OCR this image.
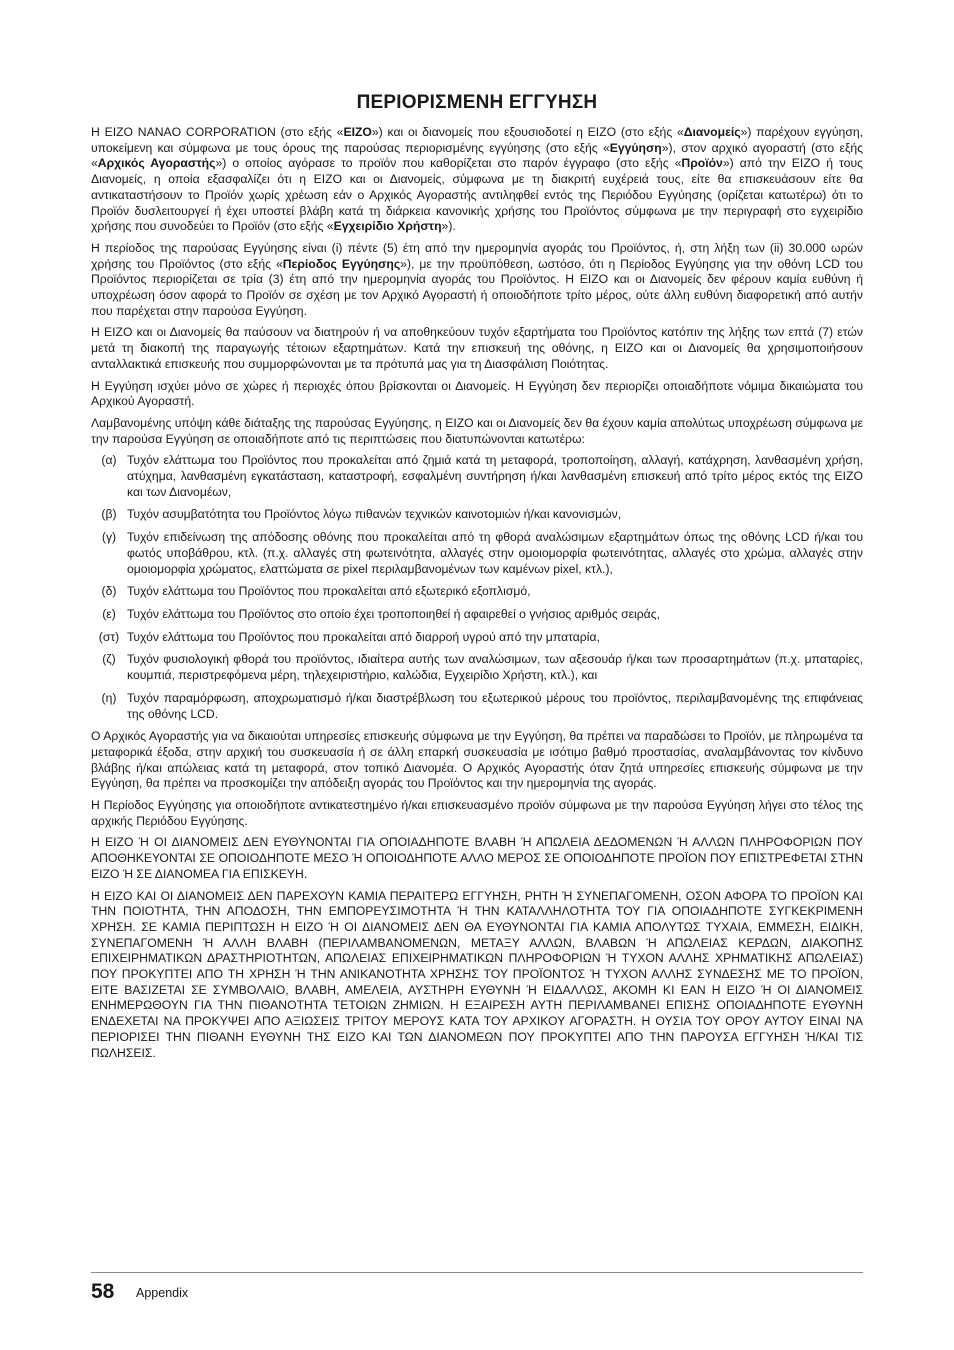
ΠΕΡΙΟΡΙΣΜΕΝΗ ΕΓΓΥΗΣΗ

Η EIZO NANAO CORPORATION (στο εξής «EIZO») και οι διανομείς που εξουσιοδοτεί η EIZO (στο εξής «Διανομείς») παρέχουν εγγύηση, υποκείμενη και σύμφωνα με τους όρους της παρούσας περιορισμένης εγγύησης (στο εξής «Εγγύηση»), στον αρχικό αγοραστή (στο εξής «Αρχικός Αγοραστής») ο οποίος αγόρασε το προϊόν που καθορίζεται στο παρόν έγγραφο (στο εξής «Προϊόν») από την EIZO ή τους Διανομείς, η οποία εξασφαλίζει ότι η EIZO και οι Διανομείς, σύμφωνα με τη διακριτή ευχέρειά τους, είτε θα επισκευάσουν είτε θα αντικαταστήσουν το Προϊόν χωρίς χρέωση εάν ο Αρχικός Αγοραστής αντιληφθεί εντός της Περιόδου Εγγύησης (ορίζεται κατωτέρω) ότι το Προϊόν δυσλειτουργεί ή έχει υποστεί βλάβη κατά τη διάρκεια κανονικής χρήσης του Προϊόντος σύμφωνα με την περιγραφή στο εγχειρίδιο χρήσης που συνοδεύει το Προϊόν (στο εξής «Εγχειρίδιο Χρήστη»).

Η περίοδος της παρούσας Εγγύησης είναι (i) πέντε (5) έτη από την ημερομηνία αγοράς του Προϊόντος, ή, στη λήξη των (ii) 30.000 ωρών χρήσης του Προϊόντος (στο εξής «Περίοδος Εγγύησης»), με την προϋπόθεση, ωστόσο, ότι η Περίοδος Εγγύησης για την οθόνη LCD του Προϊόντος περιορίζεται σε τρία (3) έτη από την ημερομηνία αγοράς του Προϊόντος. Η EIZO και οι Διανομείς δεν φέρουν καμία ευθύνη ή υποχρέωση όσον αφορά το Προϊόν σε σχέση με τον Αρχικό Αγοραστή ή οποιοδήποτε τρίτο μέρος, ούτε άλλη ευθύνη διαφορετική από αυτήν που παρέχεται στην παρούσα Εγγύηση.

Η EIZO και οι Διανομείς θα παύσουν να διατηρούν ή να αποθηκεύουν τυχόν εξαρτήματα του Προϊόντος κατόπιν της λήξης των επτά (7) ετών μετά τη διακοπή της παραγωγής τέτοιων εξαρτημάτων. Κατά την επισκευή της οθόνης, η EIZO και οι Διανομείς θα χρησιμοποιήσουν ανταλλακτικά επισκευής που συμμορφώνονται με τα πρότυπά μας για τη Διασφάλιση Ποιότητας.

Η Εγγύηση ισχύει μόνο σε χώρες ή περιοχές όπου βρίσκονται οι Διανομείς. Η Εγγύηση δεν περιορίζει οποιαδήποτε νόμιμα δικαιώματα του Αρχικού Αγοραστή.

Λαμβανομένης υπόψη κάθε διάταξης της παρούσας Εγγύησης, η EIZO και οι Διανομείς δεν θα έχουν καμία απολύτως υποχρέωση σύμφωνα με την παρούσα Εγγύηση σε οποιαδήποτε από τις περιπτώσεις που διατυπώνονται κατωτέρω:

(α) Τυχόν ελάττωμα του Προϊόντος που προκαλείται από ζημιά κατά τη μεταφορά, τροποποίηση, αλλαγή, κατάχρηση, λανθασμένη χρήση, ατύχημα, λανθασμένη εγκατάσταση, καταστροφή, εσφαλμένη συντήρηση ή/και λανθασμένη επισκευή από τρίτο μέρος εκτός της EIZO και των Διανομέων,
(β) Τυχόν ασυμβατότητα του Προϊόντος λόγω πιθανών τεχνικών καινοτομιών ή/και κανονισμών,
(γ) Τυχόν επιδείνωση της απόδοσης οθόνης που προκαλείται από τη φθορά αναλώσιμων εξαρτημάτων όπως της οθόνης LCD ή/και του φωτός υποβάθρου, κτλ. (π.χ. αλλαγές στη φωτεινότητα, αλλαγές στην ομοιομορφία φωτεινότητας, αλλαγές στο χρώμα, αλλαγές στην ομοιομορφία χρώματος, ελαττώματα σε pixel περιλαμβανομένων των καμένων pixel, κτλ.),
(δ) Τυχόν ελάττωμα του Προϊόντος που προκαλείται από εξωτερικό εξοπλισμό,
(ε) Τυχόν ελάττωμα του Προϊόντος στο οποίο έχει τροποποιηθεί ή αφαιρεθεί ο γνήσιος αριθμός σειράς,
(στ) Τυχόν ελάττωμα του Προϊόντος που προκαλείται από διαρροή υγρού από την μπαταρία,
(ζ) Τυχόν φυσιολογική φθορά του προϊόντος, ιδιαίτερα αυτής των αναλώσιμων, των αξεσουάρ ή/και των προσαρτημάτων (π.χ. μπαταρίες, κουμπιά, περιστρεφόμενα μέρη, τηλεχειριστήριο, καλώδια, Εγχειρίδιο Χρήστη, κτλ.), και
(η) Τυχόν παραμόρφωση, αποχρωματισμό ή/και διαστρέβλωση του εξωτερικού μέρους του προϊόντος, περιλαμβανομένης της επιφάνειας της οθόνης LCD.

Ο Αρχικός Αγοραστής για να δικαιούται υπηρεσίες επισκευής σύμφωνα με την Εγγύηση, θα πρέπει να παραδώσει το Προϊόν, με πληρωμένα τα μεταφορικά έξοδα, στην αρχική του συσκευασία ή σε άλλη επαρκή συσκευασία με ισότιμο βαθμό προστασίας, αναλαμβάνοντας τον κίνδυνο βλάβης ή/και απώλειας κατά τη μεταφορά, στον τοπικό Διανομέα. Ο Αρχικός Αγοραστής όταν ζητά υπηρεσίες επισκευής σύμφωνα με την Εγγύηση, θα πρέπει να προσκομίζει την απόδειξη αγοράς του Προϊόντος και την ημερομηνία της αγοράς.

Η Περίοδος Εγγύησης για οποιοδήποτε αντικατεστημένο ή/και επισκευασμένο προϊόν σύμφωνα με την παρούσα Εγγύηση λήγει στο τέλος της αρχικής Περιόδου Εγγύησης.

Η EIZO Ή ΟΙ ΔΙΑΝΟΜΕΙΣ ΔΕΝ ΕΥΘΥΝΟΝΤΑΙ ΓΙΑ ΟΠΟΙΑΔΗΠΟΤΕ ΒΛΑΒΗ Ή ΑΠΩΛΕΙΑ ΔΕΔΟΜΕΝΩΝ Ή ΑΛΛΩΝ ΠΛΗΡΟΦΟΡΙΩΝ ΠΟΥ ΑΠΟΘΗΚΕΥΟΝΤΑΙ ΣΕ ΟΠΟΙΟΔΗΠΟΤΕ ΜΕΣΟ Ή ΟΠΟΙΟΔΗΠΟΤΕ ΑΛΛΟ ΜΕΡΟΣ ΣΕ ΟΠΟΙΟΔΗΠΟΤΕ ΠΡΟΪΟΝ ΠΟΥ ΕΠΙΣΤΡΕΦΕΤΑΙ ΣΤΗΝ EIZO Ή ΣΕ ΔΙΑΝΟΜΕΑ ΓΙΑ ΕΠΙΣΚΕΥΗ.

Η EIZO ΚΑΙ ΟΙ ΔΙΑΝΟΜΕΙΣ ΔΕΝ ΠΑΡΕΧΟΥΝ ΚΑΜΙΑ ΠΕΡΑΙΤΕΡΩ ΕΓΓΥΗΣΗ, ΡΗΤΗ Ή ΣΥΝΕΠΑΓΟΜΕΝΗ, ΟΣΟΝ ΑΦΟΡΑ ΤΟ ΠΡΟΪΟΝ ΚΑΙ ΤΗΝ ΠΟΙΟΤΗΤΑ, ΤΗΝ ΑΠΟΔΟΣΗ, ΤΗΝ ΕΜΠΟΡΕΥΣΙΜΟΤΗΤΑ Ή ΤΗΝ ΚΑΤΑΛΛΗΛΟΤΗΤΑ ΤΟΥ ΓΙΑ ΟΠΟΙΑΔΗΠΟΤΕ ΣΥΓΚΕΚΡΙΜΕΝΗ ΧΡΗΣΗ. ΣΕ ΚΑΜΙΑ ΠΕΡΙΠΤΩΣΗ Η EIZO Ή ΟΙ ΔΙΑΝΟΜΕΙΣ ΔΕΝ ΘΑ ΕΥΘΥΝΟΝΤΑΙ ΓΙΑ ΚΑΜΙΑ ΑΠΟΛΥΤΩΣ ΤΥΧΑΙΑ, ΕΜΜΕΣΗ, ΕΙΔΙΚΗ, ΣΥΝΕΠΑΓΟΜΕΝΗ Ή ΑΛΛΗ ΒΛΑΒΗ (ΠΕΡΙΛΑΜΒΑΝΟΜΕΝΩΝ, ΜΕΤΑΞΥ ΑΛΛΩΝ, ΒΛΑΒΩΝ Ή ΑΠΩΛΕΙΑΣ ΚΕΡΔΩΝ, ΔΙΑΚΟΠΗΣ ΕΠΙΧΕΙΡΗΜΑΤΙΚΩΝ ΔΡΑΣΤΗΡΙΟΤΗΤΩΝ, ΑΠΩΛΕΙΑΣ ΕΠΙΧΕΙΡΗΜΑΤΙΚΩΝ ΠΛΗΡΟΦΟΡΙΩΝ Ή ΤΥΧΟΝ ΑΛΛΗΣ ΧΡΗΜΑΤΙΚΗΣ ΑΠΩΛΕΙΑΣ) ΠΟΥ ΠΡΟΚΥΠΤΕΙ ΑΠΟ ΤΗ ΧΡΗΣΗ Ή ΤΗΝ ΑΝΙΚΑΝΟΤΗΤΑ ΧΡΗΣΗΣ ΤΟΥ ΠΡΟΪΟΝΤΟΣ Ή ΤΥΧΟΝ ΑΛΛΗΣ ΣΥΝΔΕΣΗΣ ΜΕ ΤΟ ΠΡΟΪΟΝ, ΕΙΤΕ ΒΑΣΙΖΕΤΑΙ ΣΕ ΣΥΜΒΟΛΑΙΟ, ΒΛΑΒΗ, ΑΜΕΛΕΙΑ, ΑΥΣΤΗΡΗ ΕΥΘΥΝΗ Ή ΕΙΔΑΛΛΩΣ, ΑΚΟΜΗ ΚΙ ΕΑΝ Η EIZO Ή ΟΙ ΔΙΑΝΟΜΕΙΣ ΕΝΗΜΕΡΩΘΟΥΝ ΓΙΑ ΤΗΝ ΠΙΘΑΝΟΤΗΤΑ ΤΕΤΟΙΩΝ ΖΗΜΙΩΝ. Η ΕΞΑΙΡΕΣΗ ΑΥΤΗ ΠΕΡΙΛΑΜΒΑΝΕΙ ΕΠΙΣΗΣ ΟΠΟΙΑΔΗΠΟΤΕ ΕΥΘΥΝΗ ΕΝΔΕΧΕΤΑΙ ΝΑ ΠΡΟΚΥΨΕΙ ΑΠΟ ΑΞΙΩΣΕΙΣ ΤΡΙΤΟΥ ΜΕΡΟΥΣ ΚΑΤΑ ΤΟΥ ΑΡΧΙΚΟΥ ΑΓΟΡΑΣΤΗ. Η ΟΥΣΙΑ ΤΟΥ ΟΡΟΥ ΑΥΤΟΥ ΕΙΝΑΙ ΝΑ ΠΕΡΙΟΡΙΣΕΙ ΤΗΝ ΠΙΘΑΝΗ ΕΥΘΥΝΗ ΤΗΣ EIZO ΚΑΙ ΤΩΝ ΔΙΑΝΟΜΕΩΝ ΠΟΥ ΠΡΟΚΥΠΤΕΙ ΑΠΟ ΤΗΝ ΠΑΡΟΥΣΑ ΕΓΓΥΗΣΗ Ή/ΚΑΙ ΤΙΣ ΠΩΛΗΣΕΙΣ.

58 Appendix
